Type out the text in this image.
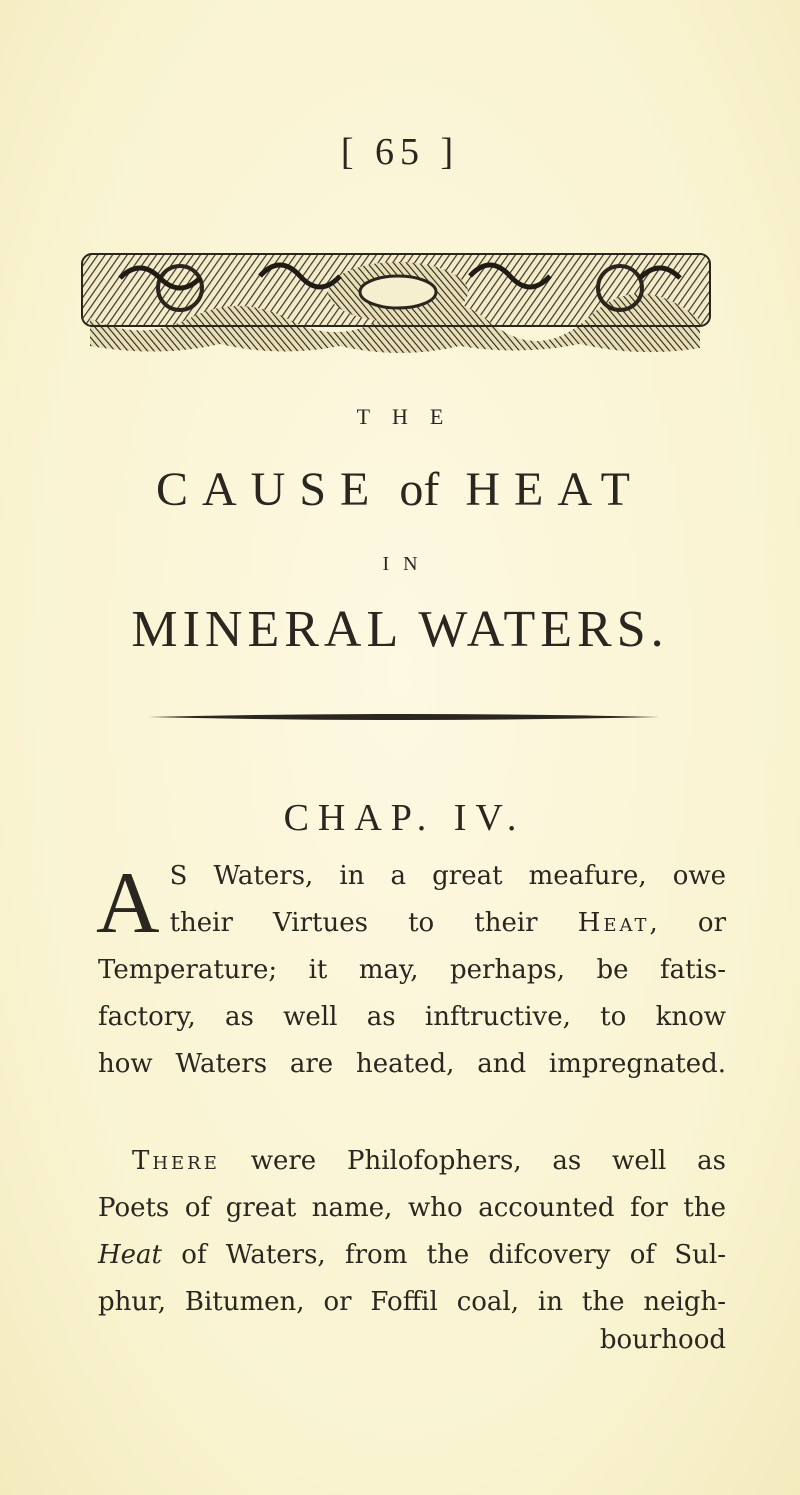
[ 65 ]
THE
CAUSE of HEAT
IN
MINERAL WATERS.
CHAP. IV.
A S Waters, in a great meafure, owe
their Virtues to their Heat, or
Temperature; it may, perhaps, be fatis-
factory, as well as inftructive, to know
how Waters are heated, and impregnated.
There were Philofophers, as well as
Poets of great name, who accounted for the
Heat of Waters, from the difcovery of Sul-
phur, Bitumen, or Foffil coal, in the neigh-
bourhood
